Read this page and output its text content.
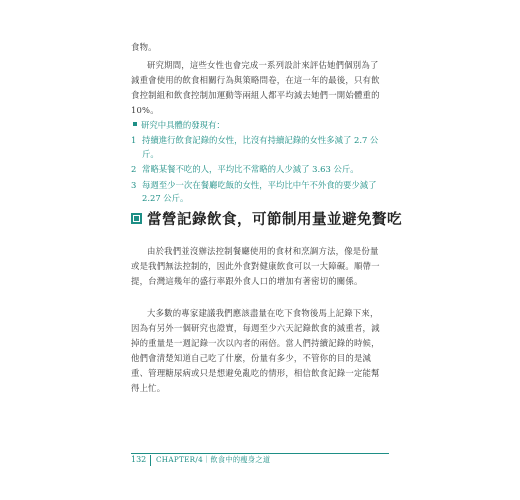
食物。

研究期間，這些女性也會完成一系列設計來評估她們個別為了減重會使用的飲食相關行為與策略問卷，在這一年的最後，只有飲食控制組和飲食控制加運動等兩組人都平均減去她們一開始體重的 10%。

研究中具體的發現有：
1 持續進行飲食記錄的女性，比沒有持續記錄的女性多減了 2.7 公斤。
2 常略某餐不吃的人，平均比不常略的人少減了 3.63 公斤。
3 每週至少一次在餐廳吃飯的女性，平均比中午不外食的要少減了 2.27 公斤。
當營記錄飲食，可節制用量並避免贅吃

由於我們並沒辦法控制餐廳使用的食材和烹調方法，像是份量或是我們無法控制的，因此外食對健康飲食可以一大障礙。順帶一提，台灣這幾年的盛行率跟外食人口的增加有著密切的關係。

大多數的專家建議我們應該盡量在吃下食物後馬上記錄下來，因為有另外一個研究也證實，每週至少六天記錄飲食的減重者，減掉的重量是一週記錄一次以內者的兩倍。當人們持續記錄的時候，他們會清楚知道自己吃了什麼，份量有多少，不管你的目的是減重、管理糖尿病或只是想避免亂吃的情形，相信飲食記錄一定能幫得上忙。

132 CHAPTER/4｜飲食中的瘦身之道
